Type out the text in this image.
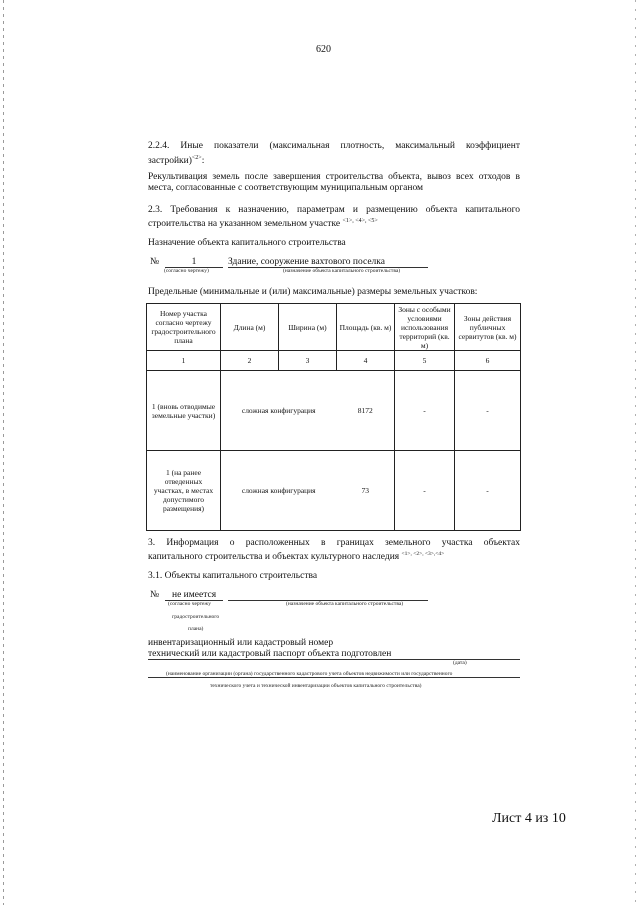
620
2.2.4. Иные показатели (максимальная плотность, максимальный коэффициент
застройки)$^{<2>}$:
Рекультивация земель после завершения строительства объекта, вывоз всех отходов в
места, согласованные с соответствующим муниципальным органом
2.3. Требования к назначению, параметрам и размещению объекта капитального
строительства на указанном земельном участке $^{<1>, <4>, <5>}$
Назначение объекта капитального строительства
№	1	Здание, сооружение вахтового поселка
(согласно чертежу)	(назначение объекта капитального строительства)
Предельные (минимальные и (или) максимальные) размеры земельных участков:
Номер участка согласно чертежу градостроительного плана	Длина (м)	Ширина (м)	Площадь (кв. м)	Зоны с особыми условиями использования территорий (кв. м)	Зоны действия публичных сервитутов (кв. м)
1	2	3	4	5	6
1 (вновь отводимые земельные участки)	сложная конфигурация		8172	-	-
1 (на ранее отведенных участках, в местах допустимого размещения)	сложная конфигурация		73	-	-
3. Информация о расположенных в границах земельного участка объектах
капитального строительства и объектах культурного наследия $^{<1>, <2>, <3>,<4>}$
3.1. Объекты капитального строительства
№	не имеется
(согласно чертежу
градостроительного
плана)
(назначение объекта капитального строительства)
инвентаризационный или кадастровый номер
технический или кадастровый паспорт объекта подготовлен
(дата)
(наименование организации (органа) государственного кадастрового учета объектов недвижимости или государственного
технического учета и технической инвентаризации объектов капитального строительства)
Лист 4 из 10
